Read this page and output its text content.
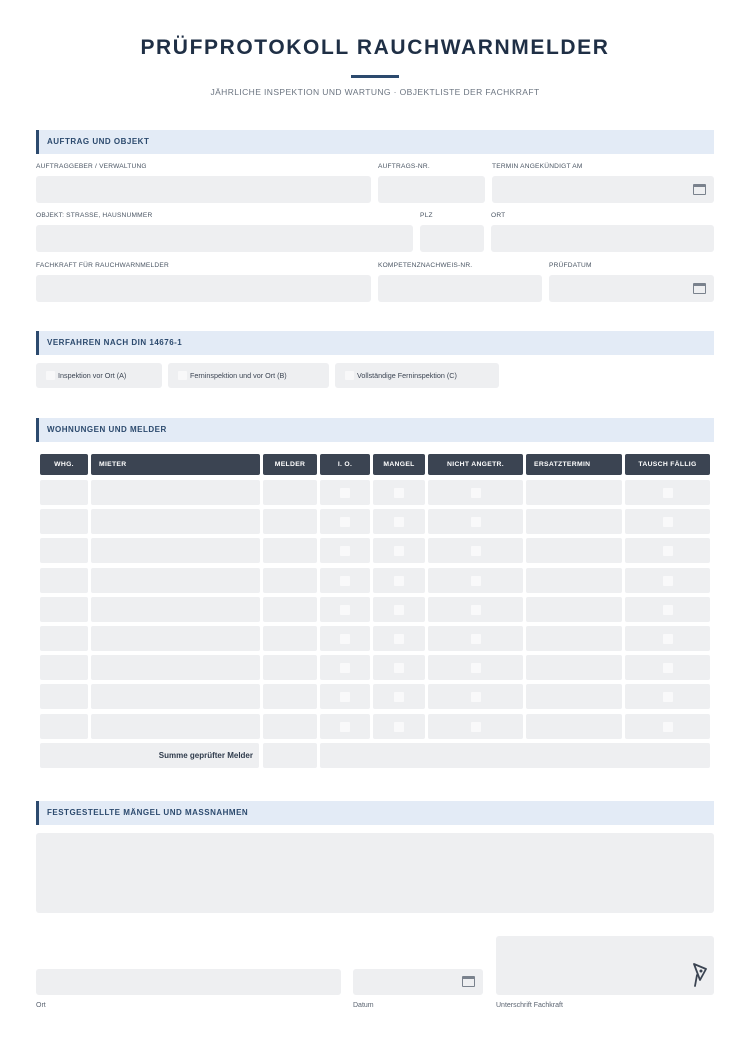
PRÜFPROTOKOLL RAUCHWARNMELDER
JÄHRLICHE INSPEKTION UND WARTUNG · OBJEKTLISTE DER FACHKRAFT
AUFTRAG UND OBJEKT
AUFTRAGGEBER / VERWALTUNG	AUFTRAGS-NR.	TERMIN ANGEKÜNDIGT AM
OBJEKT: STRASSE, HAUSNUMMER	PLZ	ORT
FACHKRAFT FÜR RAUCHWARNMELDER	KOMPETENZNACHWEIS-NR.	PRÜFDATUM
VERFAHREN NACH DIN 14676-1
Inspektion vor Ort (A)	Ferninspektion und vor Ort (B)	Vollständige Ferninspektion (C)
WOHNUNGEN UND MELDER
WHG.	MIETER	MELDER	I. O.	MANGEL	NICHT ANGETR.	ERSATZTERMIN	TAUSCH FÄLLIG
Summe geprüfter Melder
FESTGESTELLTE MÄNGEL UND MASSNAHMEN
Ort	Datum	Unterschrift Fachkraft
